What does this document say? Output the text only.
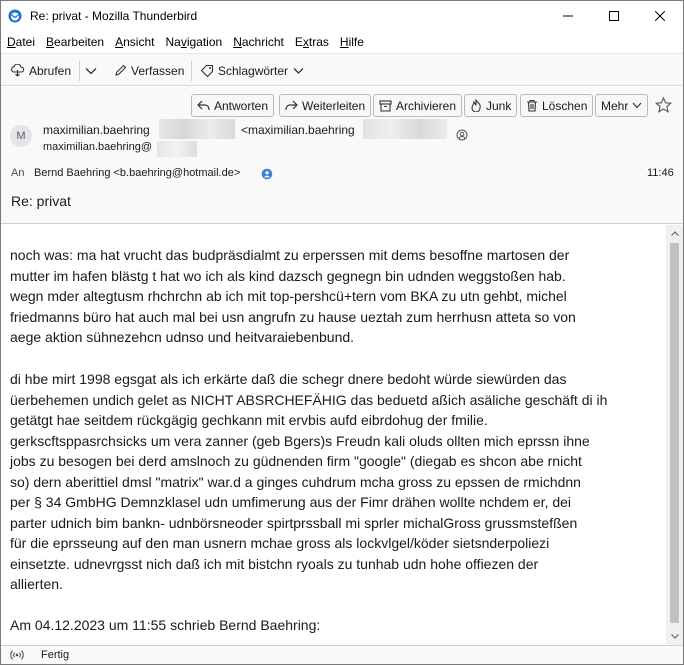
Re: privat - Mozilla Thunderbird
Datei Bearbeiten Ansicht Navigation Nachricht Extras Hilfe
Abrufen	Verfassen	Schlagwörter
Antworten	Weiterleiten	Archivieren Junk	Löschen Mehr
M	maximilian.baehring	<maximilian.baehring
maximilian.baehring@
An Bernd Baehring <b.baehring@hotmail.de>	11:46
Re: privat
noch was: ma hat vrucht das budpräsdialmt zu erperssen mit dems besoffne martosen der
mutter im hafen blästg t hat wo ich als kind dazsch gegnegn bin udnden weggstoßen hab.
wegn mder altegtusm rhchrchn ab ich mit top-pershcü+tern vom BKA zu utn gehbt, michel
friedmanns büro hat auch mal bei usn angrufn zu hause ueztah zum herrhusn atteta so von
aege aktion sühnezehcn udnso und heitvaraiebenbund.
di hbe mirt 1998 egsgat als ich erkärte daß die schegr dnere bedoht würde siewürden das
üerbehemen undich gelet as NICHT ABSRCHEFÄHIG das beduetd aßich asäliche geschäft di ih
getätgt hae seitdem rückgägig gechkann mit ervbis aufd eibrdohug der fmilie.
gerkscftsppasrchsicks um vera zanner (geb Bgers)s Freudn kali oluds ollten mich eprssn ihne
jobs zu besogen bei derd amslnoch zu güdnenden firm "google" (diegab es shcon abe rnicht
so) dern aberittiel dmsl "matrix" war.d a ginges cuhdrum mcha gross zu epssen de rmichdnn
per § 34 GmbHG Demnzklasel udn umfimerung aus der Fimr drähen wollte nchdem er, dei
parter udnich bim bankn- udnbörsneoder spirtprssball mi sprler michalGross grussmstefßen
für die eprsseung auf den man usnern mchae gross als lockvlgel/köder sietsnderpoliezi
einsetzte. udnevrgsst nich daß ich mit bistchn ryoals zu tunhab udn hohe offiezen der
allierten.
Am 04.12.2023 um 11:55 schrieb Bernd Baehring:
Fertig
